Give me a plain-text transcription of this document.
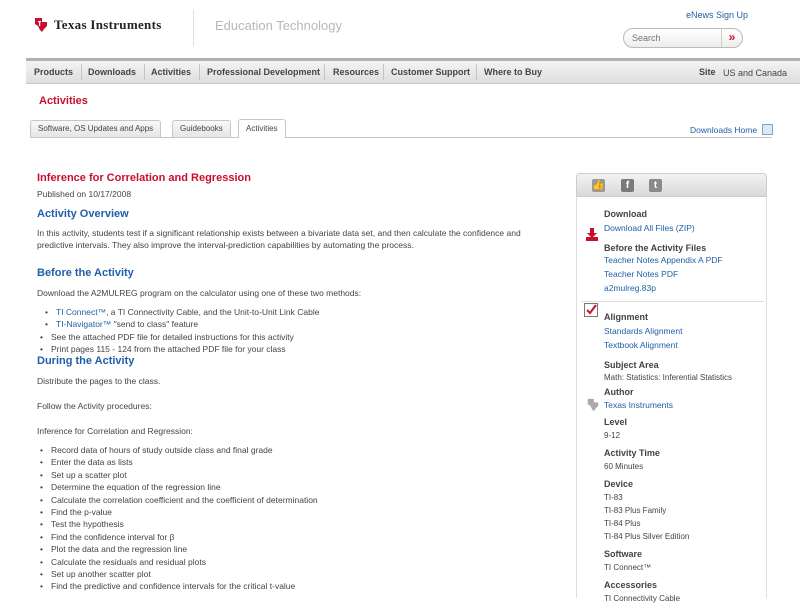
Texas Instruments	Education Technology
eNews Sign Up
Search
»
Products Downloads Activities Professional Development Resources Customer Support Where to Buy	Site US and Canada
Activities
Software, OS Updates and Apps	Guidebooks	Activities	Downloads Home
Inference for Correlation and Regression
Published on 10/17/2008
Activity Overview
In this activity, students test if a significant relationship exists between a bivariate data set, and then calculate the confidence and predictive intervals. They also improve the interval-prediction capabilities by automating the process.
Before the Activity
Download the A2MULREG program on the calculator using one of these two methods:
• TI Connect™, a TI Connectivity Cable, and the Unit-to-Unit Link Cable
• TI-Navigator™ "send to class" feature
• See the attached PDF file for detailed instructions for this activity
• Print pages 115 - 124 from the attached PDF file for your class
During the Activity
Distribute the pages to the class.
Follow the Activity procedures:
Inference for Correlation and Regression:
• Record data of hours of study outside class and final grade
• Enter the data as lists
• Set up a scatter plot
• Determine the equation of the regression line
• Calculate the correlation coefficient and the coefficient of determination
• Find the p-value
• Test the hypothesis
• Find the confidence interval for β
• Plot the data and the regression line
• Calculate the residuals and residual plots
• Set up another scatter plot
• Find the predictive and confidence intervals for the critical t-value
👍	f	t
Download
Download All Files (ZIP)
Before the Activity Files
Teacher Notes Appendix A PDF
Teacher Notes PDF
a2mulreg.83p
Alignment
Standards Alignment
Textbook Alignment
Subject Area
Math: Statistics: Inferential Statistics
Author
Texas Instruments
Level
9-12
Activity Time
60 Minutes
Device
TI-83
TI-83 Plus Family
TI-84 Plus
TI-84 Plus Silver Edition
Software
TI Connect™
Accessories
TI Connectivity Cable
